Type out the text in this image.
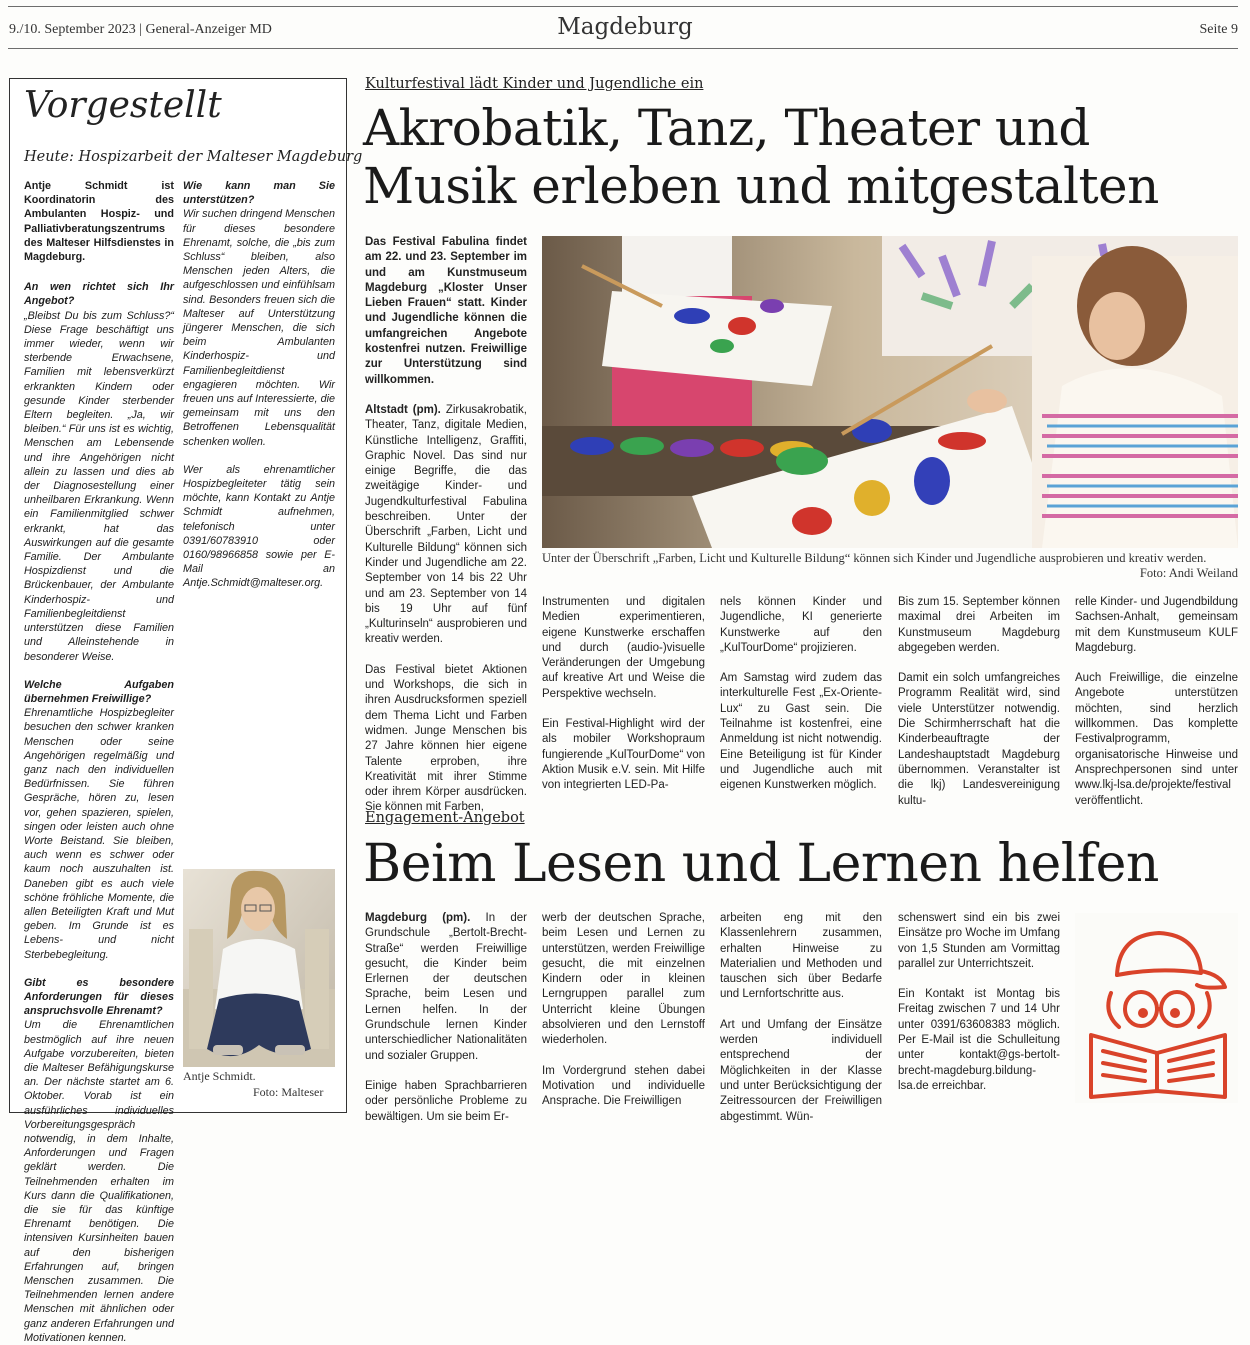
9./10. September 2023 | General-Anzeiger MD	Magdeburg	Seite 9
Vorgestellt
Heute: Hospizarbeit der Malteser Magdeburg

Antje Schmidt ist Koordinatorin des Ambulanten Hospiz- und Palliativberatungszentrums des Malteser Hilfsdienstes in Magdeburg.

An wen richtet sich Ihr Angebot?

„Bleibst Du bis zum Schluss?“ Diese Frage beschäftigt uns immer wieder, wenn wir sterbende Erwachsene, Familien mit lebensverkürzt erkrankten Kindern oder gesunde Kinder sterbender Eltern begleiten. „Ja, wir bleiben.“ Für uns ist es wichtig, Menschen am Lebensende und ihre Angehörigen nicht allein zu lassen und dies ab der Diagnosestellung einer unheilbaren Erkrankung. Wenn ein Familienmitglied schwer erkrankt, hat das Auswirkungen auf die gesamte Familie. Der Ambulante Hospizdienst und die Brückenbauer, der Ambulante Kinderhospiz- und Familienbegleitdienst unterstützen diese Familien und Alleinstehende in besonderer Weise.

Welche Aufgaben übernehmen Freiwillige?

Ehrenamtliche Hospizbegleiter besuchen den schwer kranken Menschen oder seine Angehörigen regelmäßig und ganz nach den individuellen Bedürfnissen. Sie führen Gespräche, hören zu, lesen vor, gehen spazieren, spielen, singen oder leisten auch ohne Worte Beistand. Sie bleiben, auch wenn es schwer oder kaum noch auszuhalten ist. Daneben gibt es auch viele schöne fröhliche Momente, die allen Beteiligten Kraft und Mut geben. Im Grunde ist es Lebens- und nicht Sterbebegleitung.

Gibt es besondere Anforderungen für dieses anspruchsvolle Ehrenamt?

Um die Ehrenamtlichen bestmöglich auf ihre neuen Aufgabe vorzubereiten, bieten die Malteser Befähigungskurse an. Der nächste startet am 6. Oktober. Vorab ist ein ausführliches individuelles Vorbereitungsgespräch notwendig, in dem Inhalte, Anforderungen und Fragen geklärt werden. Die Teilnehmenden erhalten im Kurs dann die Qualifikationen, die sie für das künftige Ehrenamt benötigen. Die intensiven Kursinheiten bauen auf den bisherigen Erfahrungen auf, bringen Menschen zusammen. Die Teilnehmenden lernen andere Menschen mit ähnlichen oder ganz anderen Erfahrungen und Motivationen kennen.

Wie kann man Sie unterstützen?

Wir suchen dringend Menschen für dieses besondere Ehrenamt, solche, die „bis zum Schluss“ bleiben, also Menschen jeden Alters, die aufgeschlossen und einfühlsam sind. Besonders freuen sich die Malteser auf Unterstützung jüngerer Menschen, die sich beim Ambulanten Kinderhospiz- und Familienbegleitdienst engagieren möchten. Wir freuen uns auf Interessierte, die gemeinsam mit uns den Betroffenen Lebensqualität schenken wollen.

Wer als ehrenamtlicher Hospizbegleiteter tätig sein möchte, kann Kontakt zu Antje Schmidt aufnehmen, telefonisch unter 0391/60783910 oder 0160/98966858 sowie per E-Mail an Antje.Schmidt@malteser.org.

Antje Schmidt.
Foto: Malteser
Kulturfestival lädt Kinder und Jugendliche ein
Akrobatik, Tanz, Theater und
Musik erleben und mitgestalten

Das Festival Fabulina findet am 22. und 23. September im und am Kunstmuseum Magdeburg „Kloster Unser Lieben Frauen“ statt. Kinder und Jugendliche können die umfangreichen Angebote kostenfrei nutzen. Freiwillige zur Unterstützung sind willkommen.

Altstadt (pm). Zirkusakrobatik, Theater, Tanz, digitale Medien, Künstliche Intelligenz, Graffiti, Graphic Novel. Das sind nur einige Begriffe, die das zweitägige Kinder- und Jugendkulturfestival Fabulina beschreiben. Unter der Überschrift „Farben, Licht und Kulturelle Bildung“ können sich Kinder und Jugendliche am 22. September von 14 bis 22 Uhr und am 23. September von 14 bis 19 Uhr auf fünf „Kulturinseln“ ausprobieren und kreativ werden.

Das Festival bietet Aktionen und Workshops, die sich in ihren Ausdrucksformen speziell dem Thema Licht und Farben widmen. Junge Menschen bis 27 Jahre können hier eigene Talente erproben, ihre Kreativität mit ihrer Stimme oder ihrem Körper ausdrücken. Sie können mit Farben,

Unter der Überschrift „Farben, Licht und Kulturelle Bildung“ können sich Kinder und Jugendliche ausprobieren und kreativ werden.
Foto: Andi Weiland

Instrumenten und digitalen Medien experimentieren, eigene Kunstwerke erschaffen und durch (audio-)visuelle Veränderungen der Umgebung auf kreative Art und Weise die Perspektive wechseln.

Ein Festival-Highlight wird der als mobiler Workshopraum fungierende „KulTourDome“ von Aktion Musik e.V. sein. Mit Hilfe von integrierten LED-Pa-

nels können Kinder und Jugendliche, KI generierte Kunstwerke auf den „KulTourDome“ projizieren.

Am Samstag wird zudem das interkulturelle Fest „Ex-Oriente-Lux“ zu Gast sein. Die Teilnahme ist kostenfrei, eine Anmeldung ist nicht notwendig. Eine Beteiligung ist für Kinder und Jugendliche auch mit eigenen Kunstwerken möglich.

Bis zum 15. September können maximal drei Arbeiten im Kunstmuseum Magdeburg abgegeben werden.

Damit ein solch umfangreiches Programm Realität wird, sind viele Unterstützer notwendig. Die Schirmherrschaft hat die Kinderbeauftragte der Landeshauptstadt Magdeburg übernommen. Veranstalter ist die lkj) Landesvereinigung kultu-

relle Kinder- und Jugendbildung Sachsen-Anhalt, gemeinsam mit dem Kunstmuseum KULF Magdeburg.

Auch Freiwillige, die einzelne Angebote unterstützen möchten, sind herzlich willkommen. Das komplette Festivalprogramm, organisatorische Hinweise und Ansprechpersonen sind unter www.lkj-lsa.de/projekte/festival veröffentlicht.

Engagement-Angebot
Beim Lesen und Lernen helfen

Magdeburg (pm). In der Grundschule „Bertolt-Brecht-Straße“ werden Freiwillige gesucht, die Kinder beim Erlernen der deutschen Sprache, beim Lesen und Lernen helfen. In der Grundschule lernen Kinder unterschiedlicher Nationalitäten und sozialer Gruppen.

Einige haben Sprachbarrieren oder persönliche Probleme zu bewältigen. Um sie beim Er-

werb der deutschen Sprache, beim Lesen und Lernen zu unterstützen, werden Freiwillige gesucht, die mit einzelnen Kindern oder in kleinen Lerngruppen parallel zum Unterricht kleine Übungen absolvieren und den Lernstoff wiederholen.

Im Vordergrund stehen dabei Motivation und individuelle Ansprache. Die Freiwilligen

arbeiten eng mit den Klassenlehrern zusammen, erhalten Hinweise zu Materialien und Methoden und tauschen sich über Bedarfe und Lernfortschritte aus.

Art und Umfang der Einsätze werden individuell entsprechend der Möglichkeiten in der Klasse und unter Berücksichtigung der Zeitressourcen der Freiwilligen abgestimmt. Wün-

schenswert sind ein bis zwei Einsätze pro Woche im Umfang von 1,5 Stunden am Vormittag parallel zur Unterrichtszeit.

Ein Kontakt ist Montag bis Freitag zwischen 7 und 14 Uhr unter 0391/63608383 möglich. Per E-Mail ist die Schulleitung unter kontakt@gs-bertolt-brecht-magdeburg.bildung-lsa.de erreichbar.
